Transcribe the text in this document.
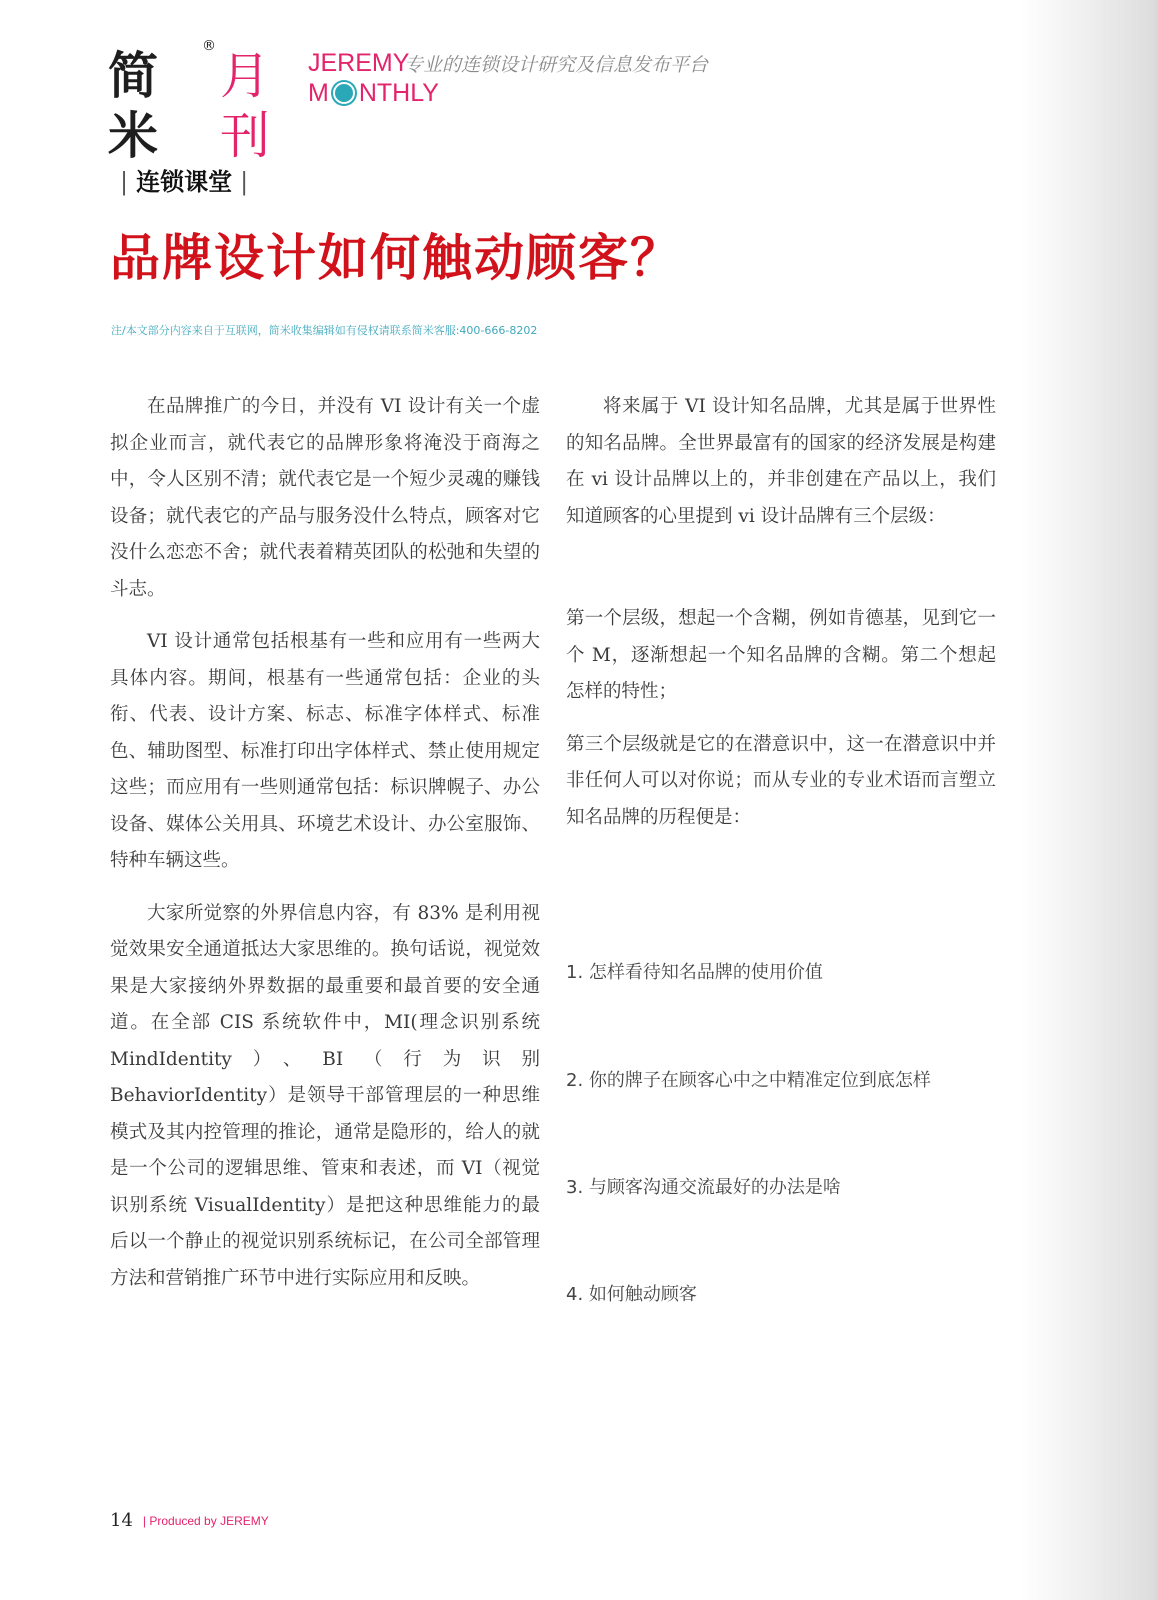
简米
®
月刊
JEREMY
M NTHLY
专业的连锁设计研究及信息发布平台
| 连锁课堂 |
品牌设计如何触动顾客？
注/本文部分内容来自于互联网，简米收集编辑如有侵权请联系简米客服:400-666-8202

在品牌推广的今日，并没有 VI 设计有关一个虚拟企业而言，就代表它的品牌形象将淹没于商海之中，令人区别不清；就代表它是一个短少灵魂的赚钱设备；就代表它的产品与服务没什么特点，顾客对它没什么恋恋不舍；就代表着精英团队的松弛和失望的斗志。

VI 设计通常包括根基有一些和应用有一些两大具体内容。期间，根基有一些通常包括：企业的头衔、代表、设计方案、标志、标准字体样式、标准色、辅助图型、标准打印出字体样式、禁止使用规定这些；而应用有一些则通常包括：标识牌幌子、办公设备、媒体公关用具、环境艺术设计、办公室服饰、特种车辆这些。

大家所觉察的外界信息内容，有 83% 是利用视觉效果安全通道抵达大家思维的。换句话说，视觉效果是大家接纳外界数据的最重要和最首要的安全通道。在全部 CIS 系统软件中，MI(理念识别系统 MindIdentity）、BI（行为识别 BehaviorIdentity）是领导干部管理层的一种思维模式及其内控管理的推论，通常是隐形的，给人的就是一个公司的逻辑思维、管束和表述，而 VI（视觉识别系统 VisualIdentity）是把这种思维能力的最后以一个静止的视觉识别系统标记，在公司全部管理方法和营销推广环节中进行实际应用和反映。

将来属于 VI 设计知名品牌，尤其是属于世界性的知名品牌。全世界最富有的国家的经济发展是构建在 vi 设计品牌以上的，并非创建在产品以上，我们知道顾客的心里提到 vi 设计品牌有三个层级：

第一个层级，想起一个含糊，例如肯德基，见到它一个 M，逐渐想起一个知名品牌的含糊。第二个想起怎样的特性；

第三个层级就是它的在潜意识中，这一在潜意识中并非任何人可以对你说；而从专业的专业术语而言塑立知名品牌的历程便是：

1. 怎样看待知名品牌的使用价值
2. 你的牌子在顾客心中之中精准定位到底怎样
3. 与顾客沟通交流最好的办法是啥
4. 如何触动顾客
14 | Produced by JEREMY
